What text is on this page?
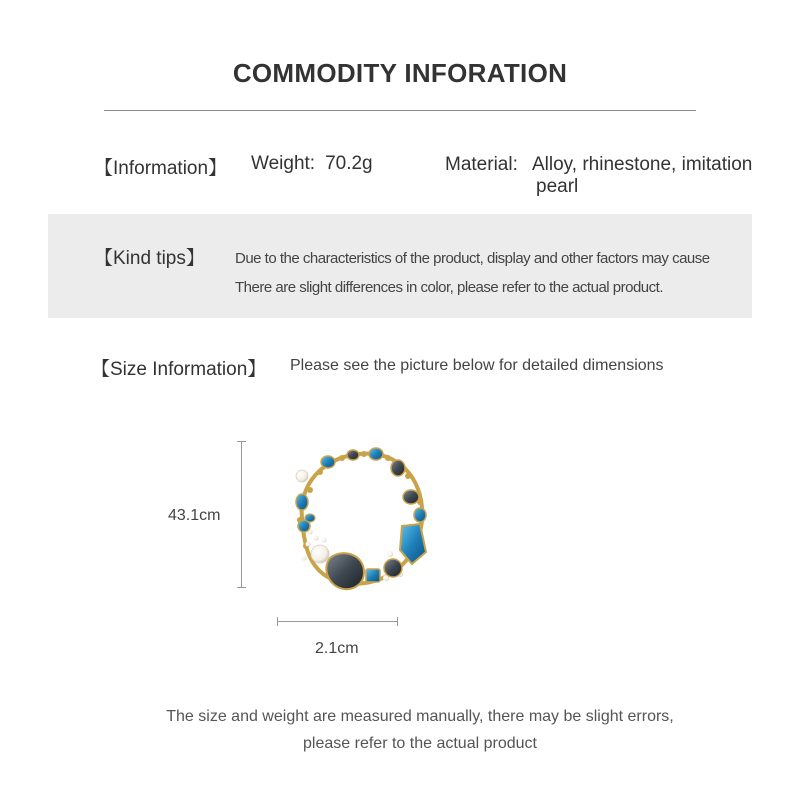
COMMODITY INFORATION
【Information】 Weight: 70.2g	Material: Alloy, rhinestone, imitation
pearl
【Kind tips】 Due to the characteristics of the product, display and other factors may cause
There are slight differences in color, please refer to the actual product.
【Size Information】 Please see the picture below for detailed dimensions
43.1cm
2.1cm
The size and weight are measured manually, there may be slight errors,
please refer to the actual product
